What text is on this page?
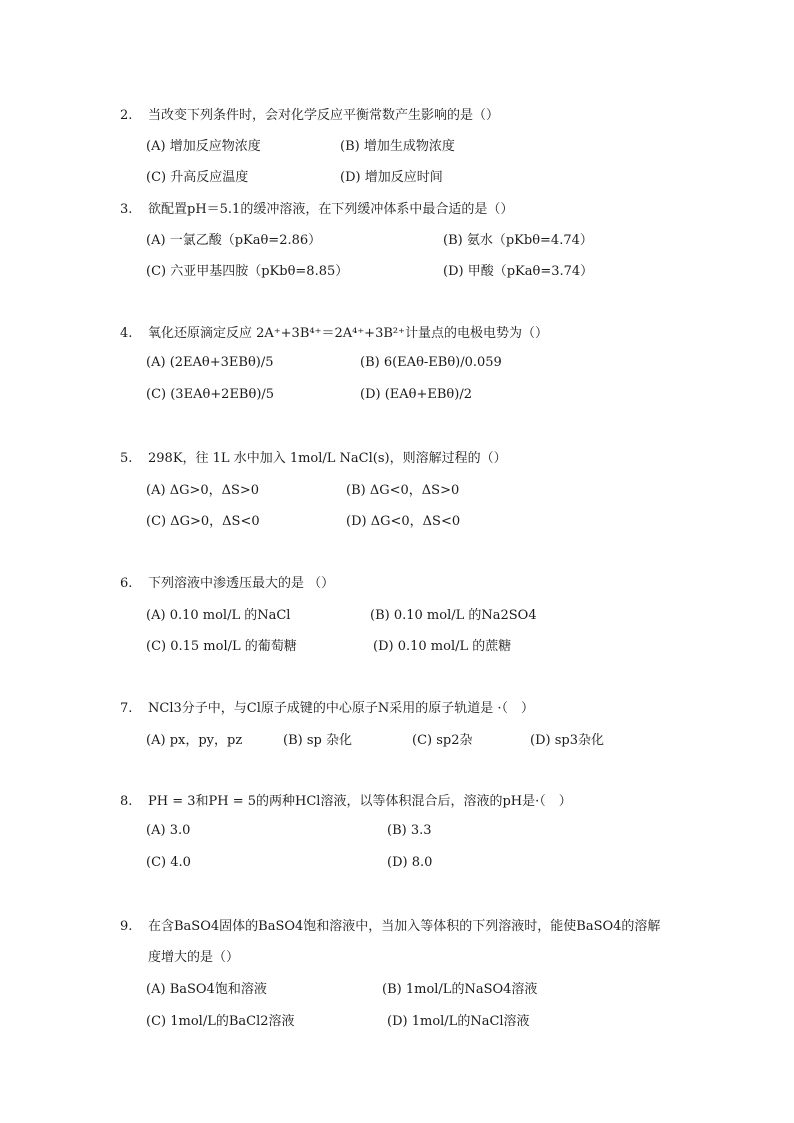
2. 当改变下列条件时，会对化学反应平衡常数产生影响的是（）
(A) 增加反应物浓度	(B) 增加生成物浓度
(C) 升高反应温度	(D) 增加反应时间
3. 欲配置pH＝5.1的缓冲溶液，在下列缓冲体系中最合适的是（）
(A) 一氯乙酸（pKaθ=2.86）	(B) 氨水（pKbθ=4.74）
(C) 六亚甲基四胺（pKbθ=8.85）	(D) 甲酸（pKaθ=3.74）
4. 氧化还原滴定反应 2A⁺+3B⁴⁺＝2A⁴⁺+3B²⁺计量点的电极电势为（）
(A) (2EAθ+3EBθ)/5	(B) 6(EAθ-EBθ)/0.059
(C) (3EAθ+2EBθ)/5	(D) (EAθ+EBθ)/2
5. 298K，往 1L 水中加入 1mol/L NaCl(s)，则溶解过程的（）
(A) ΔG>0，ΔS>0	(B) ΔG<0，ΔS>0
(C) ΔG>0，ΔS<0	(D) ΔG<0，ΔS<0
6. 下列溶液中渗透压最大的是 （）
(A) 0.10 mol/L 的NaCl	(B) 0.10 mol/L 的Na2SO4
(C) 0.15 mol/L 的葡萄糖	(D) 0.10 mol/L 的蔗糖
7. NCl3分子中，与Cl原子成键的中心原子N采用的原子轨道是 ·（　）
(A) px，py，pz	(B) sp 杂化	(C) sp2杂	(D) sp3杂化
8. PH = 3和PH = 5的两种HCl溶液，以等体积混合后，溶液的pH是·（　）
(A) 3.0	(B) 3.3
(C) 4.0	(D) 8.0
9. 在含BaSO4固体的BaSO4饱和溶液中，当加入等体积的下列溶液时，能使BaSO4的溶解
度增大的是（）
(A) BaSO4饱和溶液	(B) 1mol/L的NaSO4溶液
(C) 1mol/L的BaCl2溶液	(D) 1mol/L的NaCl溶液
